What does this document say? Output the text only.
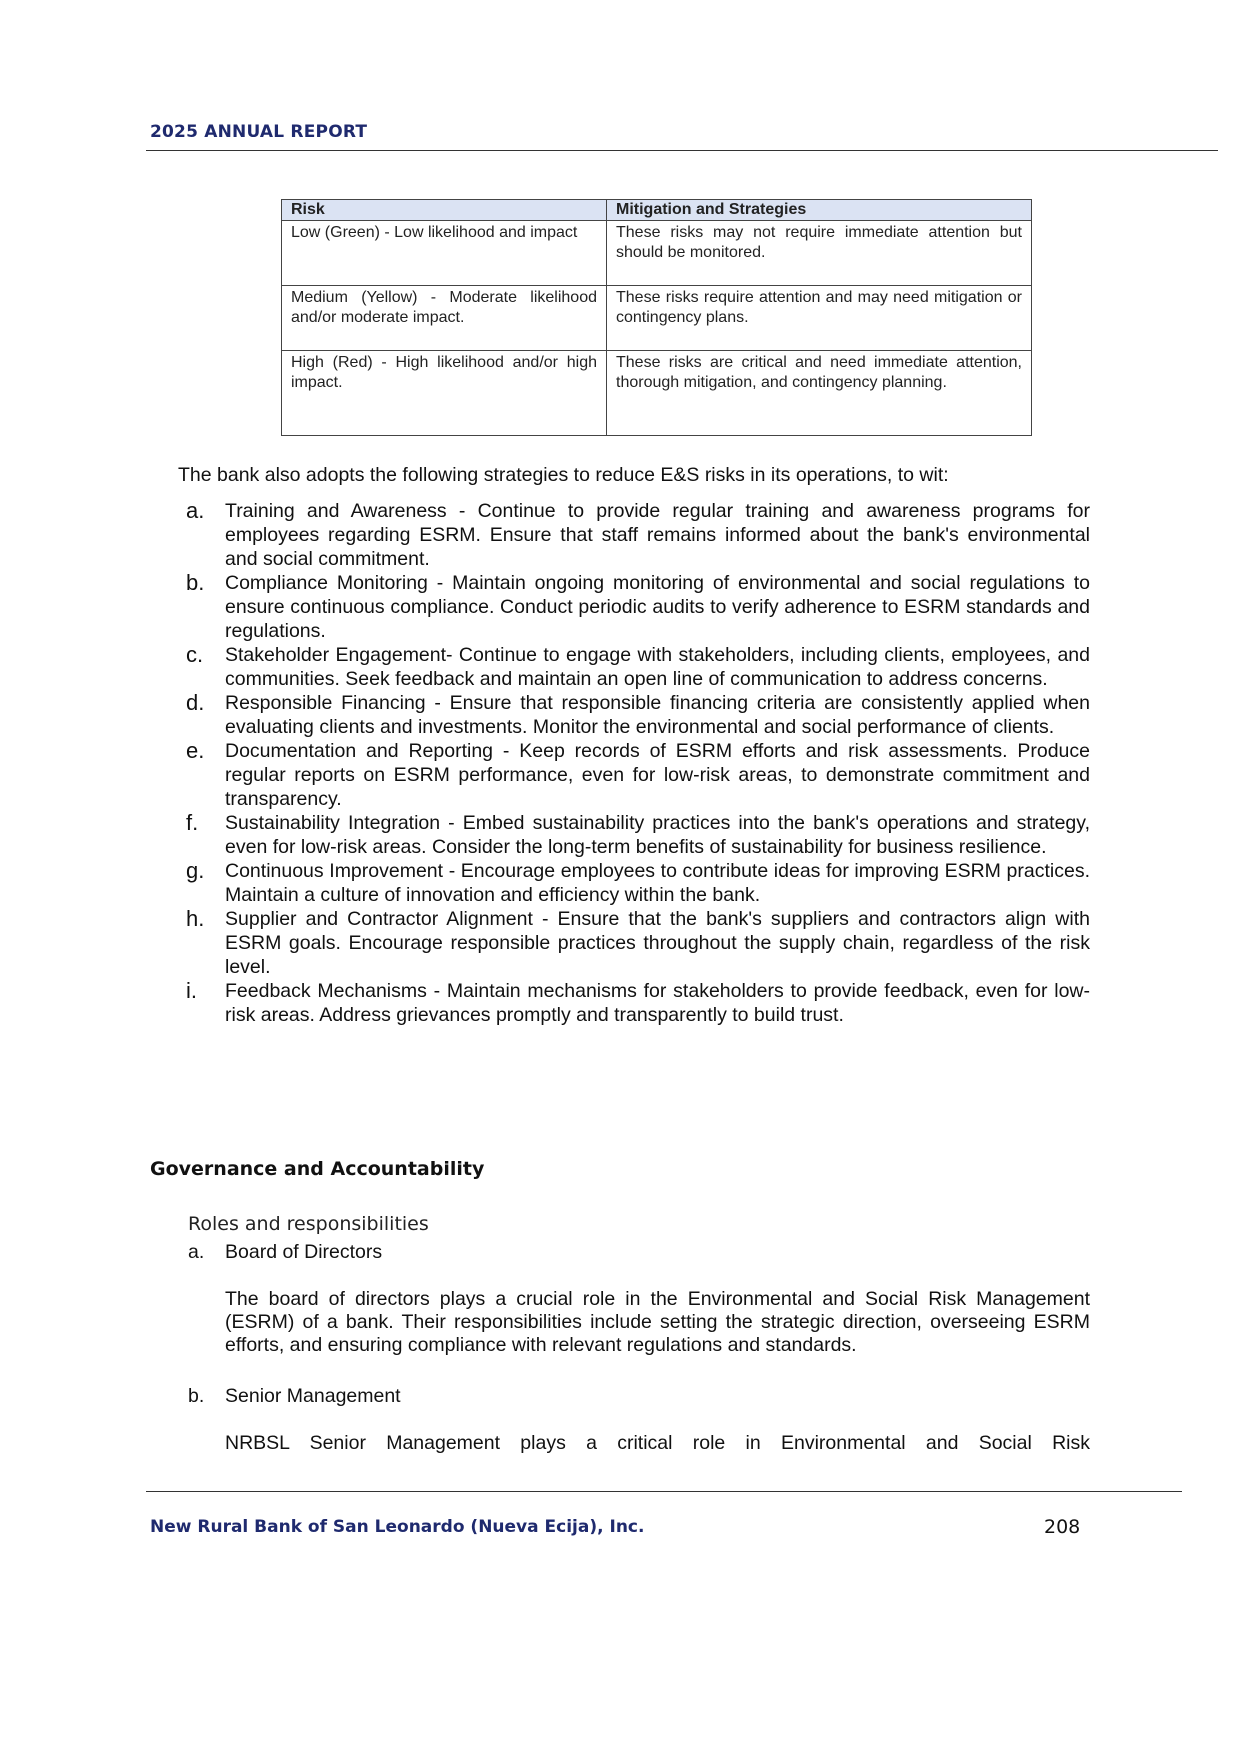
2025 ANNUAL REPORT
Risk	Mitigation and Strategies
Low (Green) - Low likelihood and impact	These risks may not require immediate attention but should be monitored.
Medium (Yellow) - Moderate likelihood and/or moderate impact.	These risks require attention and may need mitigation or contingency plans.
High (Red) - High likelihood and/or high impact.	These risks are critical and need immediate attention, thorough mitigation, and contingency planning.
The bank also adopts the following strategies to reduce E&S risks in its operations, to wit:
a. Training and Awareness - Continue to provide regular training and awareness programs for employees regarding ESRM. Ensure that staff remains informed about the bank's environmental and social commitment.
b. Compliance Monitoring - Maintain ongoing monitoring of environmental and social regulations to ensure continuous compliance. Conduct periodic audits to verify adherence to ESRM standards and regulations.
c. Stakeholder Engagement- Continue to engage with stakeholders, including clients, employees, and communities. Seek feedback and maintain an open line of communication to address concerns.
d. Responsible Financing - Ensure that responsible financing criteria are consistently applied when evaluating clients and investments. Monitor the environmental and social performance of clients.
e. Documentation and Reporting - Keep records of ESRM efforts and risk assessments. Produce regular reports on ESRM performance, even for low-risk areas, to demonstrate commitment and transparency.
f. Sustainability Integration - Embed sustainability practices into the bank's operations and strategy, even for low-risk areas. Consider the long-term benefits of sustainability for business resilience.
g. Continuous Improvement - Encourage employees to contribute ideas for improving ESRM practices. Maintain a culture of innovation and efficiency within the bank.
h. Supplier and Contractor Alignment - Ensure that the bank's suppliers and contractors align with ESRM goals. Encourage responsible practices throughout the supply chain, regardless of the risk level.
i. Feedback Mechanisms - Maintain mechanisms for stakeholders to provide feedback, even for low-risk areas. Address grievances promptly and transparently to build trust.
Governance and Accountability
Roles and responsibilities
a. Board of Directors
The board of directors plays a crucial role in the Environmental and Social Risk Management (ESRM) of a bank. Their responsibilities include setting the strategic direction, overseeing ESRM efforts, and ensuring compliance with relevant regulations and standards.
b. Senior Management
NRBSL Senior Management plays a critical role in Environmental and Social Risk
New Rural Bank of San Leonardo (Nueva Ecija), Inc.	208
